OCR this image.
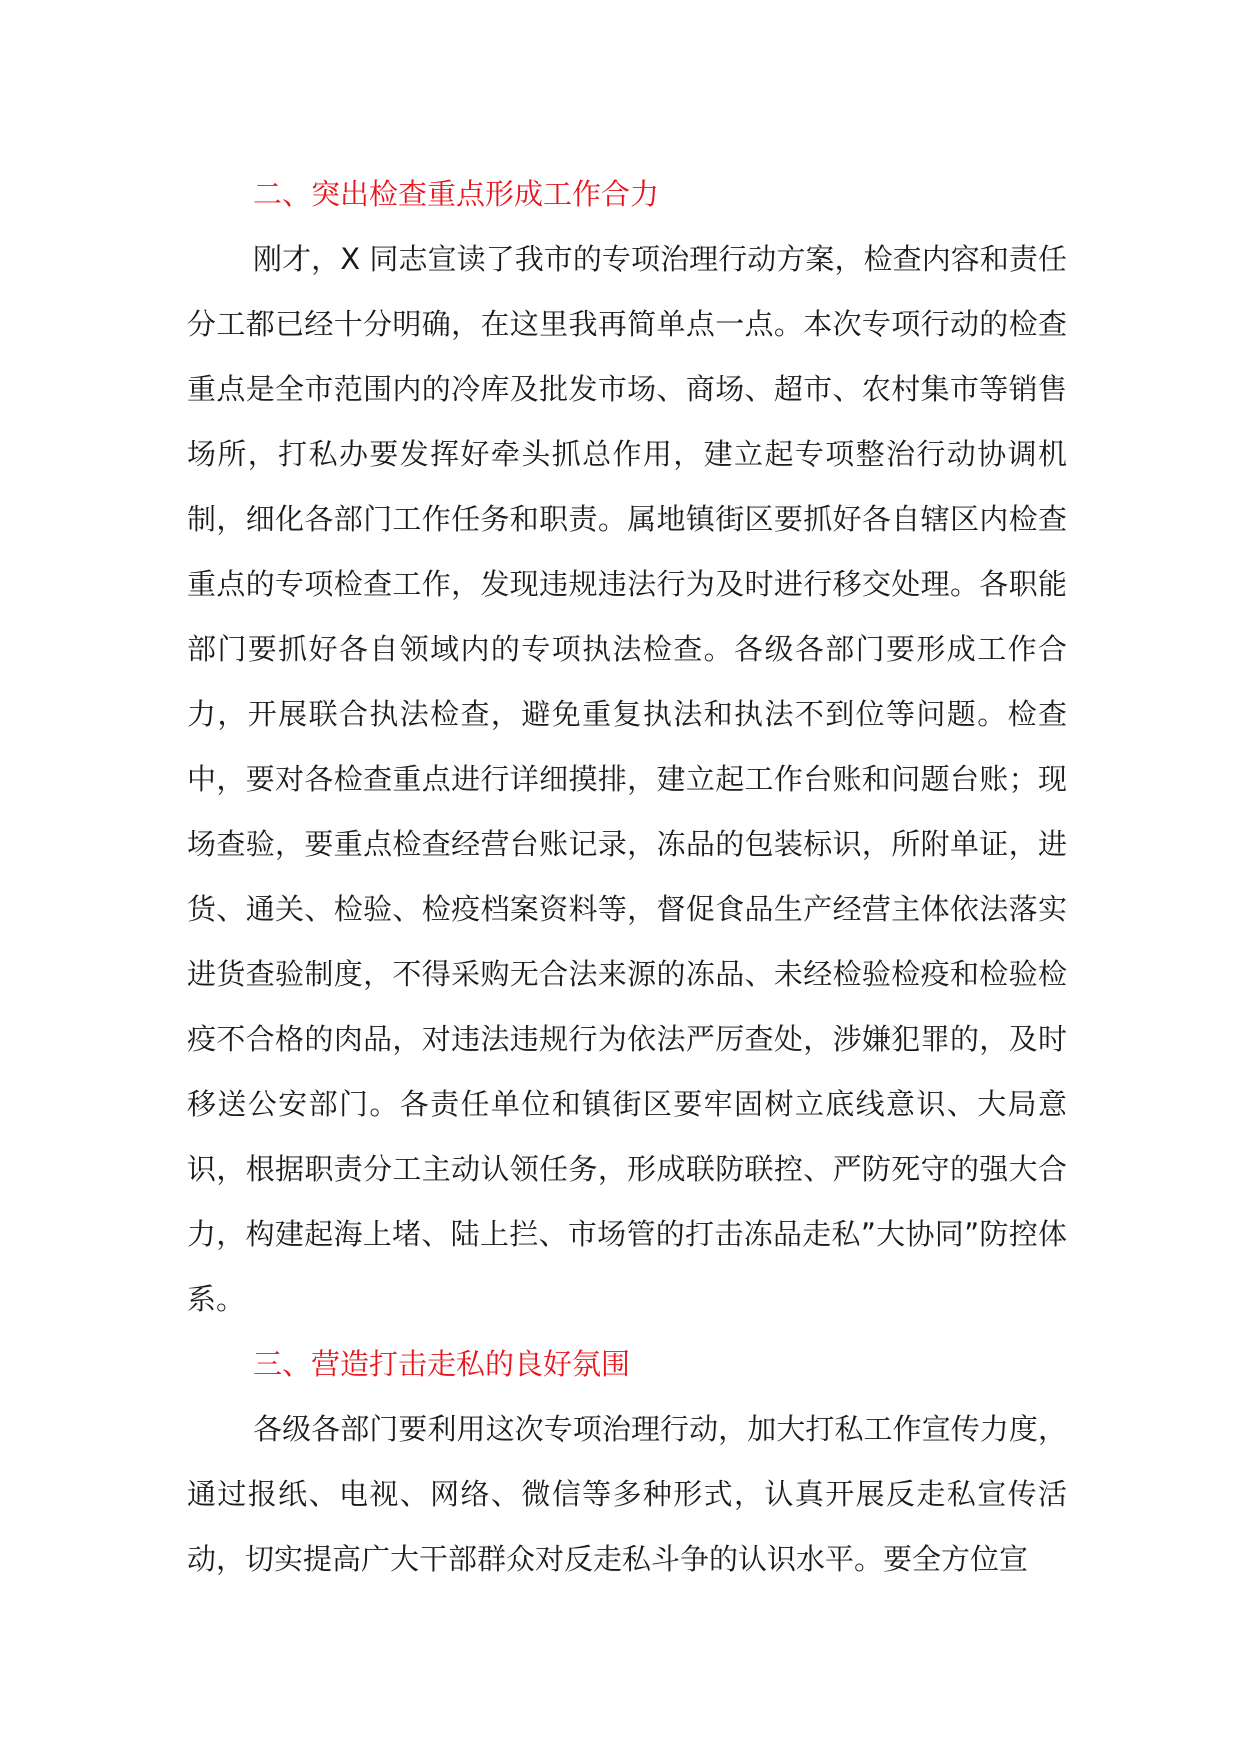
二、突出检查重点形成工作合力

刚才，X 同志宣读了我市的专项治理行动方案，检查内容和责任分工都已经十分明确，在这里我再简单点一点。本次专项行动的检查重点是全市范围内的冷库及批发市场、商场、超市、农村集市等销售场所，打私办要发挥好牵头抓总作用，建立起专项整治行动协调机制，细化各部门工作任务和职责。属地镇街区要抓好各自辖区内检查重点的专项检查工作，发现违规违法行为及时进行移交处理。各职能部门要抓好各自领域内的专项执法检查。各级各部门要形成工作合力，开展联合执法检查，避免重复执法和执法不到位等问题。检查中，要对各检查重点进行详细摸排，建立起工作台账和问题台账；现场查验，要重点检查经营台账记录，冻品的包装标识，所附单证，进货、通关、检验、检疫档案资料等，督促食品生产经营主体依法落实进货查验制度，不得采购无合法来源的冻品、未经检验检疫和检验检疫不合格的肉品，对违法违规行为依法严厉查处，涉嫌犯罪的，及时移送公安部门。各责任单位和镇街区要牢固树立底线意识、大局意识，根据职责分工主动认领任务，形成联防联控、严防死守的强大合力，构建起海上堵、陆上拦、市场管的打击冻品走私”大协同”防控体系。

三、营造打击走私的良好氛围

各级各部门要利用这次专项治理行动，加大打私工作宣传力度，通过报纸、电视、网络、微信等多种形式，认真开展反走私宣传活动，切实提高广大干部群众对反走私斗争的认识水平。要全方位宣
